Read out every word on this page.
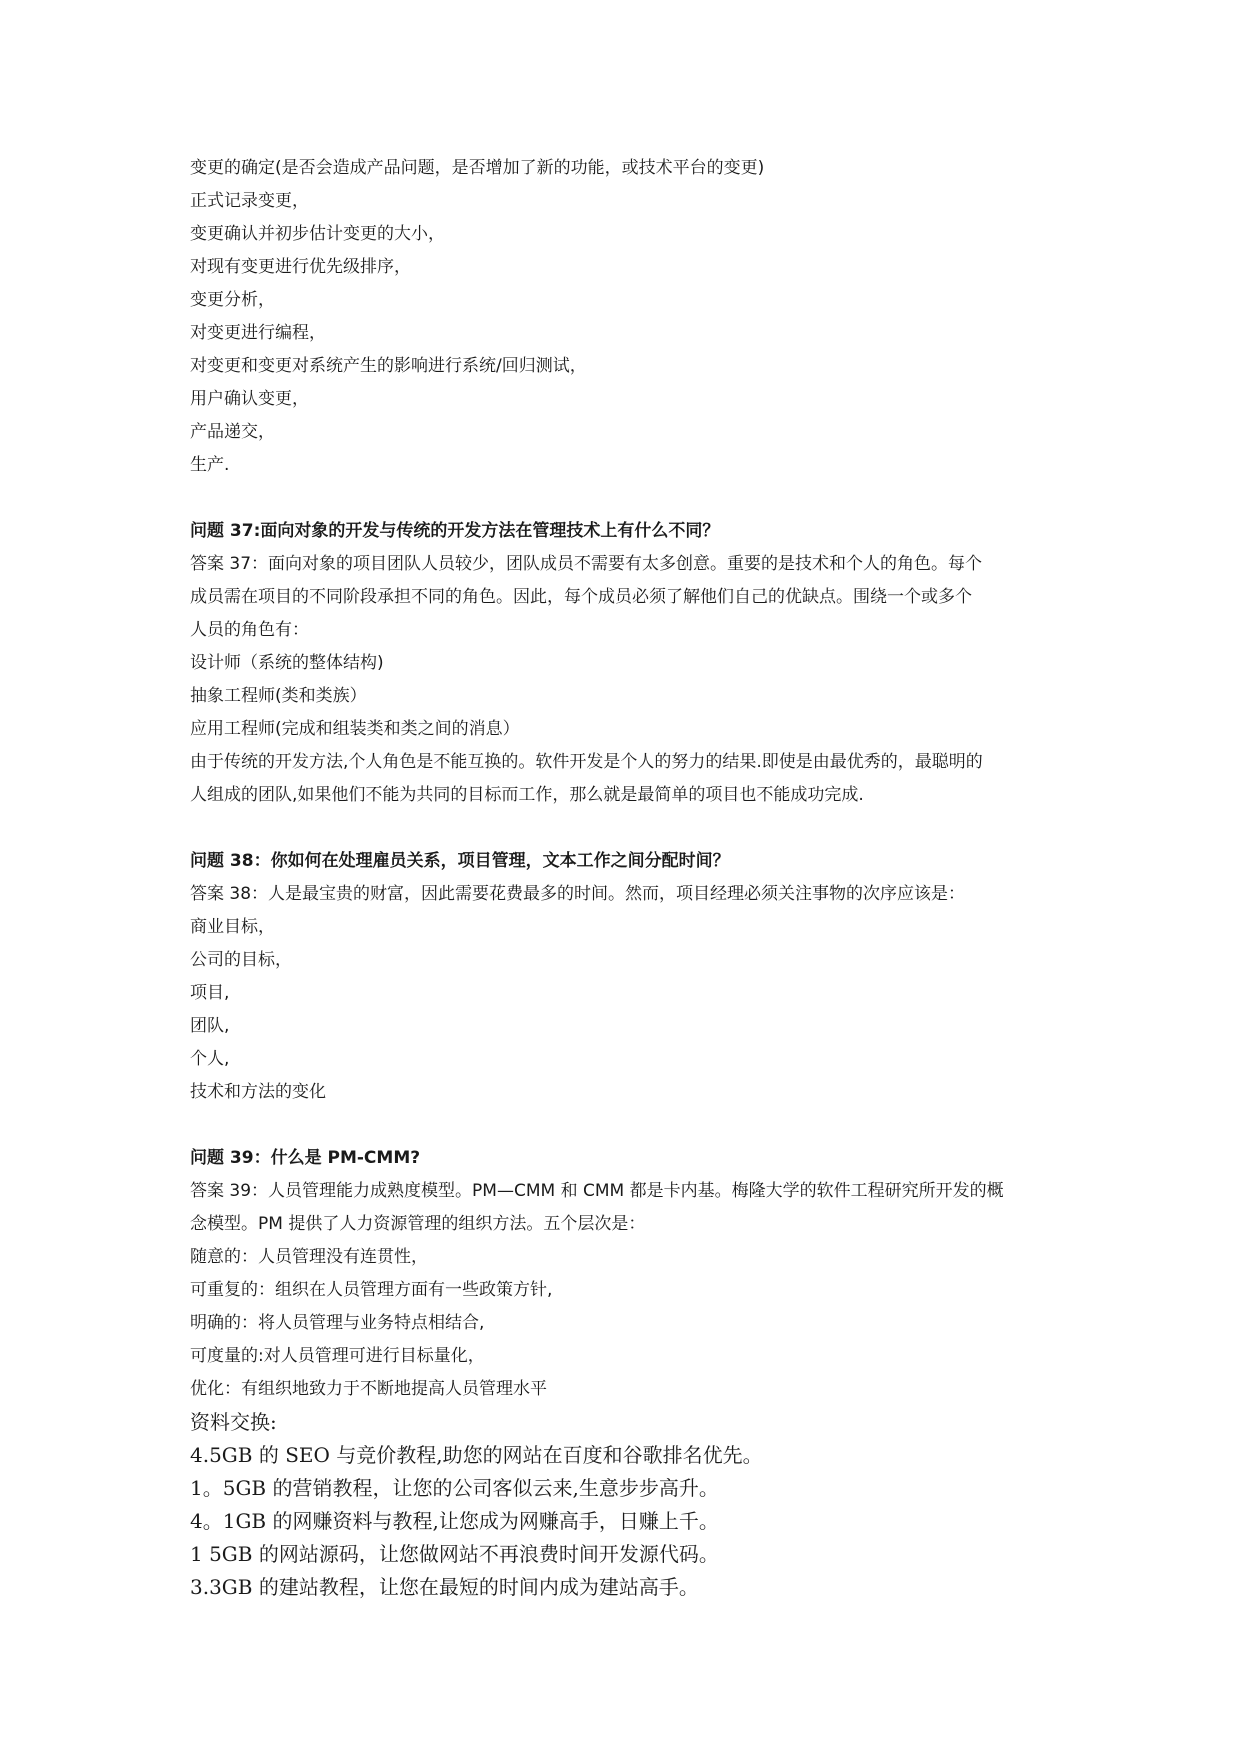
变更的确定(是否会造成产品问题，是否增加了新的功能，或技术平台的变更)
正式记录变更，
变更确认并初步估计变更的大小，
对现有变更进行优先级排序，
变更分析，
对变更进行编程，
对变更和变更对系统产生的影响进行系统/回归测试，
用户确认变更，
产品递交，
生产.

问题 37:面向对象的开发与传统的开发方法在管理技术上有什么不同？

答案 37：面向对象的项目团队人员较少，团队成员不需要有太多创意。重要的是技术和个人的角色。每个

成员需在项目的不同阶段承担不同的角色。因此，每个成员必须了解他们自己的优缺点。围绕一个或多个

人员的角色有：

设计师（系统的整体结构)

抽象工程师(类和类族）

应用工程师(完成和组装类和类之间的消息）

由于传统的开发方法,个人角色是不能互换的。软件开发是个人的努力的结果.即使是由最优秀的，最聪明的

人组成的团队,如果他们不能为共同的目标而工作，那么就是最简单的项目也不能成功完成.

问题 38：你如何在处理雇员关系，项目管理，文本工作之间分配时间？

答案 38：人是最宝贵的财富，因此需要花费最多的时间。然而，项目经理必须关注事物的次序应该是：

商业目标，

公司的目标，

项目,

团队,

个人,

技术和方法的变化

问题 39：什么是 PM-CMM?

答案 39：人员管理能力成熟度模型。PM—CMM 和 CMM 都是卡内基。梅隆大学的软件工程研究所开发的概

念模型。PM 提供了人力资源管理的组织方法。五个层次是：

随意的：人员管理没有连贯性，

可重复的：组织在人员管理方面有一些政策方针,

明确的：将人员管理与业务特点相结合,

可度量的:对人员管理可进行目标量化，

优化：有组织地致力于不断地提高人员管理水平

资料交换:
4.5GB 的 SEO 与竞价教程,助您的网站在百度和谷歌排名优先。
1。5GB 的营销教程，让您的公司客似云来,生意步步高升。
4。1GB 的网赚资料与教程,让您成为网赚高手，日赚上千。
1 5GB 的网站源码，让您做网站不再浪费时间开发源代码。
3.3GB 的建站教程，让您在最短的时间内成为建站高手。
